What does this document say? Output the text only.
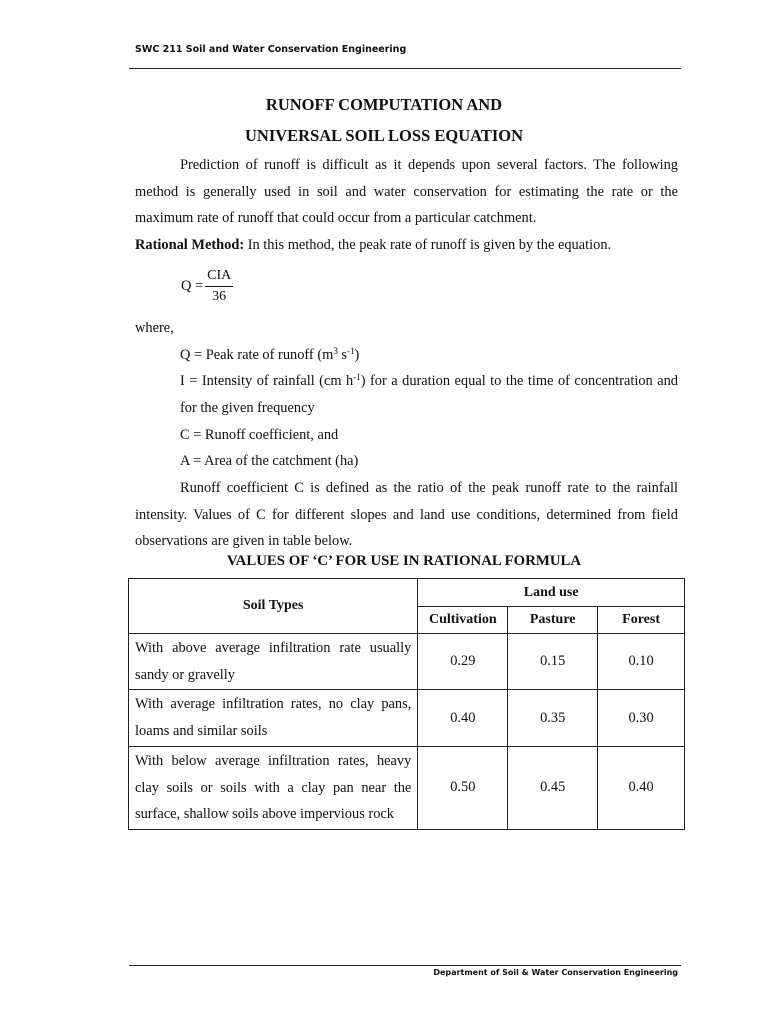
SWC 211 Soil and Water Conservation Engineering
RUNOFF COMPUTATION AND
UNIVERSAL SOIL LOSS EQUATION

Prediction of runoff is difficult as it depends upon several factors. The following method is generally used in soil and water conservation for estimating the rate or the maximum rate of runoff that could occur from a particular catchment.

Rational Method: In this method, the peak rate of runoff is given by the equation.

$Q = \frac{\text{CIA}}{36}$

where,

Q = Peak rate of runoff ($m^3$ $s^{-1}$)

I = Intensity of rainfall (cm $h^{-1}$) for a duration equal to the time of concentration and for the given frequency

C = Runoff coefficient, and

A = Area of the catchment (ha)

Runoff coefficient C is defined as the ratio of the peak runoff rate to the rainfall intensity. Values of C for different slopes and land use conditions, determined from field observations are given in table below.

VALUES OF ‘C’ FOR USE IN RATIONAL FORMULA
Soil Types	Land use		
	Cultivation	Pasture	Forest
With above average infiltration rate usually sandy or gravelly	0.29	0.15	0.10
With average infiltration rates, no clay pans, loams and similar soils	0.40	0.35	0.30
With below average infiltration rates, heavy clay soils or soils with a clay pan near the surface, shallow soils above impervious rock	0.50	0.45	0.40
Department of Soil & Water Conservation Engineering
